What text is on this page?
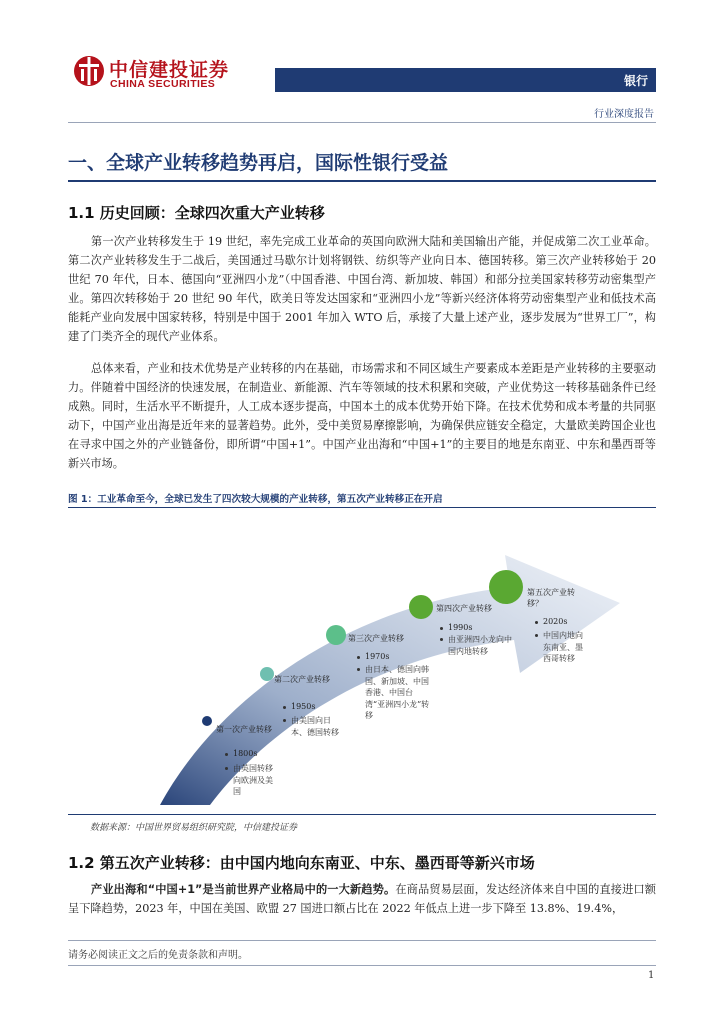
中信建投证券
CHINA SECURITIES	银行
行业深度报告
一、全球产业转移趋势再启，国际性银行受益
1.1 历史回顾：全球四次重大产业转移
第一次产业转移发生于 19 世纪，率先完成工业革命的英国向欧洲大陆和美国输出产能，并促成第二次工业革命。第二次产业转移发生于二战后，美国通过马歇尔计划将钢铁、纺织等产业向日本、德国转移。第三次产业转移始于 20 世纪 70 年代，日本、德国向“亚洲四小龙”（中国香港、中国台湾、新加坡、韩国）和部分拉美国家转移劳动密集型产业。第四次转移始于 20 世纪 90 年代，欧美日等发达国家和“亚洲四小龙”等新兴经济体将劳动密集型产业和低技术高能耗产业向发展中国家转移，特别是中国于 2001 年加入 WTO 后，承接了大量上述产业，逐步发展为“世界工厂”，构建了门类齐全的现代产业体系。
总体来看，产业和技术优势是产业转移的内在基础，市场需求和不同区域生产要素成本差距是产业转移的主要驱动力。伴随着中国经济的快速发展，在制造业、新能源、汽车等领域的技术积累和突破，产业优势这一转移基础条件已经成熟。同时，生活水平不断提升，人工成本逐步提高，中国本土的成本优势开始下降。在技术优势和成本考量的共同驱动下，中国产业出海是近年来的显著趋势。此外，受中美贸易摩擦影响，为确保供应链安全稳定，大量欧美跨国企业也在寻求中国之外的产业链备份，即所谓“中国+1”。中国产业出海和“中国+1”的主要目的地是东南亚、中东和墨西哥等新兴市场。
图 1：工业革命至今，全球已发生了四次较大规模的产业转移，第五次产业转移正在开启
第一次产业转移
1800s
由英国转移向欧洲及美国
第二次产业转移
1950s
由美国向日本、德国转移
第三次产业转移
1970s
由日本、德国向韩国、新加坡、中国香港、中国台湾“亚洲四小龙”转移
第四次产业转移
1990s
由亚洲四小龙向中国内地转移
第五次产业转移？
2020s
中国内地向东南亚、墨西哥转移
数据来源：中国世界贸易组织研究院，中信建投证券
1.2 第五次产业转移：由中国内地向东南亚、中东、墨西哥等新兴市场
产业出海和“中国+1”是当前世界产业格局中的一大新趋势。在商品贸易层面，发达经济体来自中国的直接进口额呈下降趋势，2023 年，中国在美国、欧盟 27 国进口额占比在 2022 年低点上进一步下降至 13.8%、19.4%，
请务必阅读正文之后的免责条款和声明。
1
